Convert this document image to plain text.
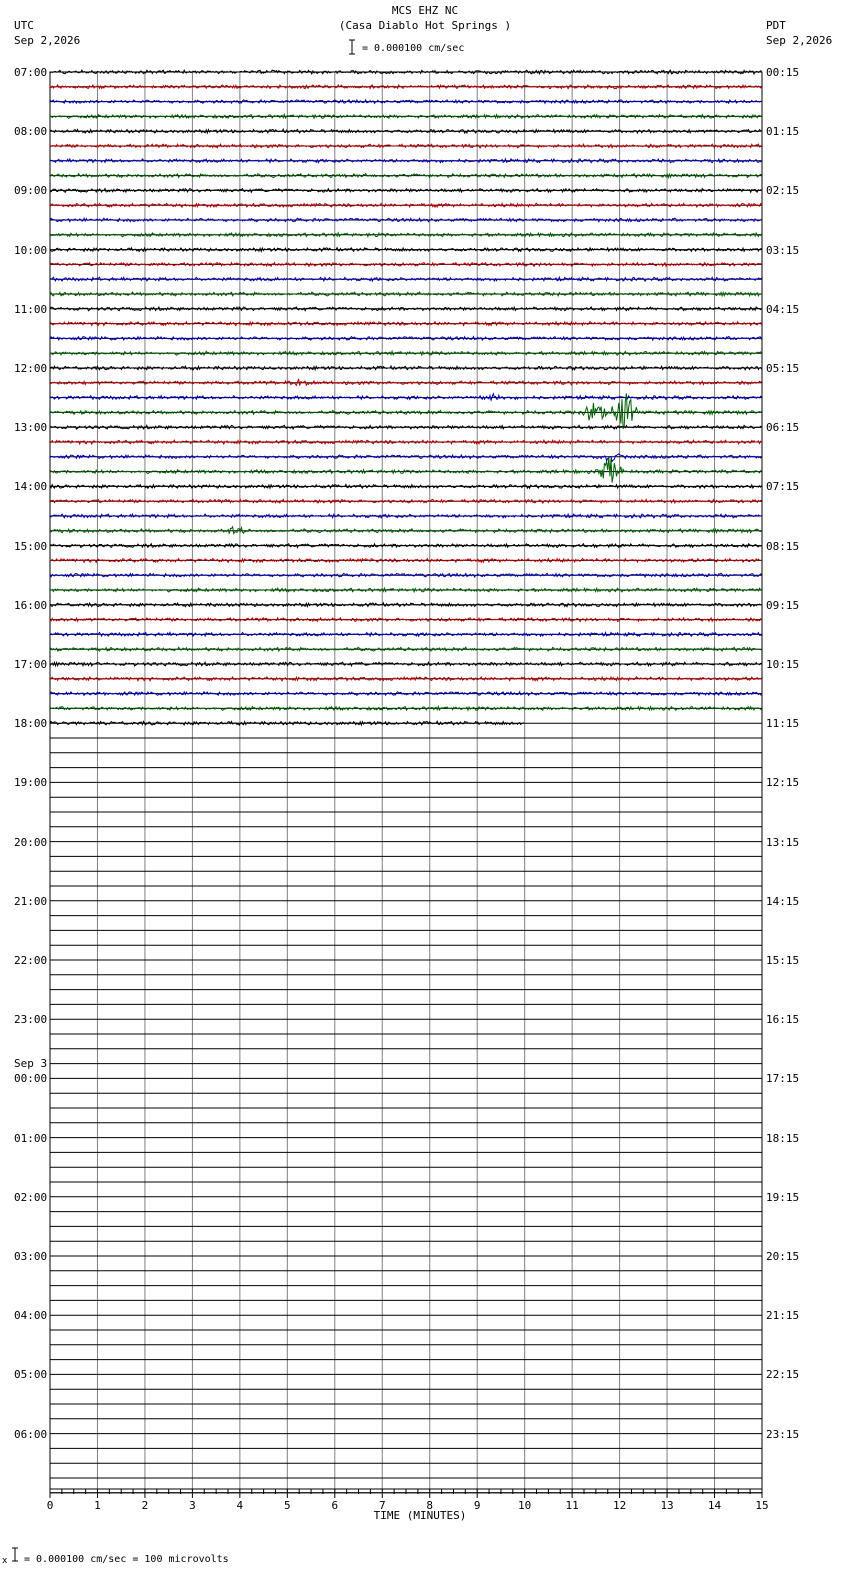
MCS EHZ NC
(Casa Diablo Hot Springs )
= 0.000100 cm/sec
UTC
Sep 2,2026
PDT
Sep 2,2026
TIME (MINUTES)
x = 0.000100 cm/sec = 100 microvolts
07:00
08:00
09:00
10:00
11:00
12:00
13:00
14:00
15:00
16:00
17:00
18:00
19:00
20:00
21:00
22:00
23:00
00:00
Sep 3
01:00
02:00
03:00
04:00
05:00
06:00
00:15
01:15
02:15
03:15
04:15
05:15
06:15
07:15
08:15
09:15
10:15
11:15
12:15
13:15
14:15
15:15
16:15
17:15
18:15
19:15
20:15
21:15
22:15
23:15
0	1	2	3	4	5	6	7	8	9	10	11	12	13	14	15
